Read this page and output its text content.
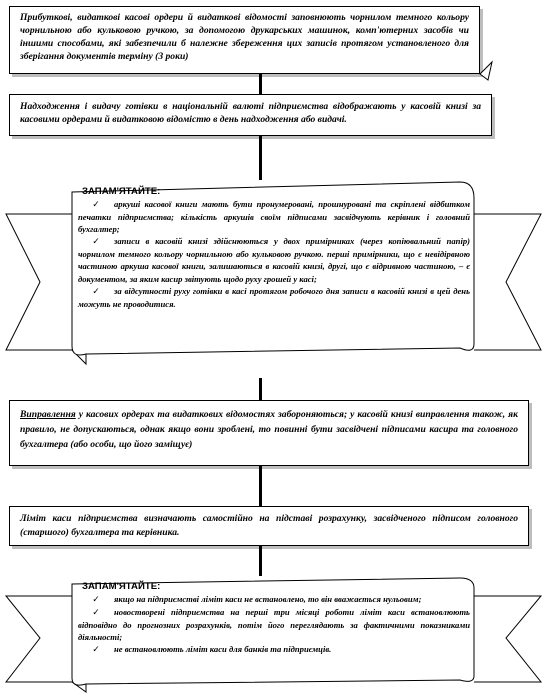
Прибуткові, видаткові касові ордери й видаткові відомості заповнюють чорнилом темного кольору чорнильною або кульковою ручкою, за допомогою друкарських машинок, комп'ютерних засобів чи іншими способами, які забезпечили б належне збереження цих записів протягом установленого для зберігання документів терміну (3 роки)
Надходження і видачу готівки в національній валюті підприємства відображають у касовій книзі за касовими ордерами й видатковою відомістю в день надходження або видачі.
ЗАПАМ'ЯТАЙТЕ:
✓ аркуші касової книги мають бути пронумеровані, прошнуровані та скріплені відбитком печатки підприємства; кількість аркушів своїм підписами засвідчують керівник і головний бухгалтер;
✓ записи в касовій книзі здійснюються у двох примірниках (через копіювальний папір) чорнилом темного кольору чорнильною або кульковою ручкою. перші примірники, що є невідірвною частиною аркуша касової книги, залишаються в касовій книзі, другі, що є відривною частиною, – є документом, за яким касир звітують щодо руху грошей у касі;
✓ за відсутності руху готівки в касі протягом робочого дня записи в касовій книзі в цей день можуть не проводитися.
Виправлення у касових ордерах та видаткових відомостях забороняються; у касовій книзі виправлення також, як правило, не допускаються, однак якщо вони зроблені, то повинні бути засвідчені підписами касира та головного бухгалтера (або особи, що його заміщує)
Ліміт каси підприємства визначають самостійно на підставі розрахунку, засвідченого підписом головного (старшого) бухгалтера та керівника.
ЗАПАМ'ЯТАЙТЕ:
✓ якщо на підприємстві ліміт каси не встановлено, то він вважається нульовим;
✓ новостворені підприємства на перші три місяці роботи ліміт каси встановлюють відповідно до прогнозних розрахунків, потім його переглядають за фактичними показниками діяльності;
✓ не встановлюють ліміт каси для банків та підприємців.
